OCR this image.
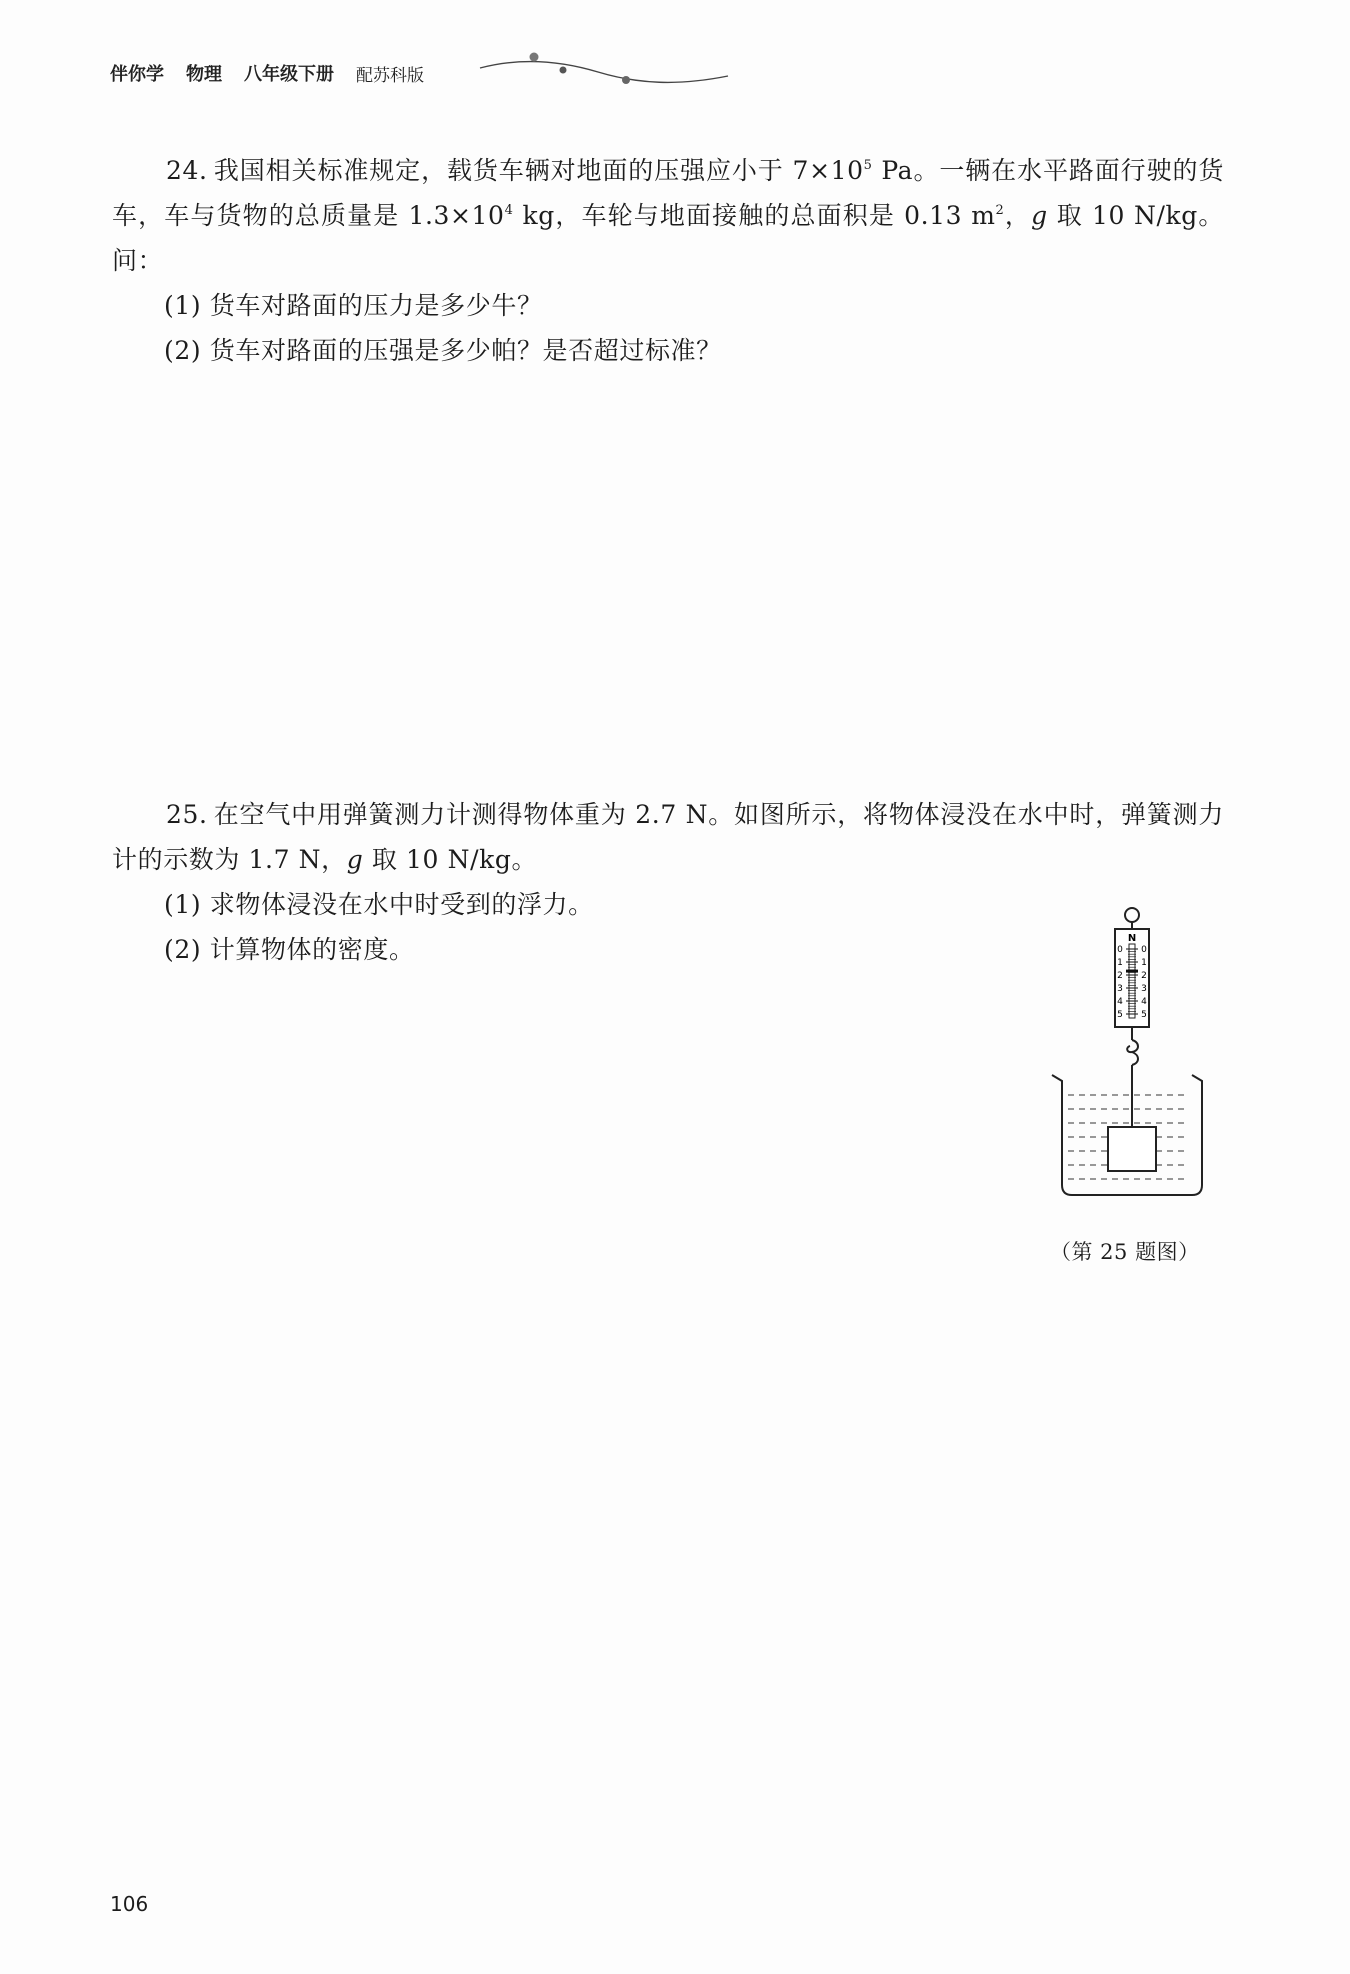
伴你学 物理 八年级下册 配苏科版

24. 我国相关标准规定，载货车辆对地面的压强应小于 $7\times 10^5$ Pa。一辆在水平路面行驶的货车，车与货物的总质量是 $1.3\times 10^4$ kg，车轮与地面接触的总面积是 0.13 $m^2$，g 取 10 N/kg。问：

(1) 货车对路面的压力是多少牛？

(2) 货车对路面的压强是多少帕？是否超过标准？

25. 在空气中用弹簧测力计测得物体重为 2.7 N。如图所示，将物体浸没在水中时，弹簧测力计的示数为 1.7 N，g 取 10 N/kg。

(1) 求物体浸没在水中时受到的浮力。

(2) 计算物体的密度。	N
0
1
2
3
4
5
0
1
2
3
4
5
（第 25 题图）
106
